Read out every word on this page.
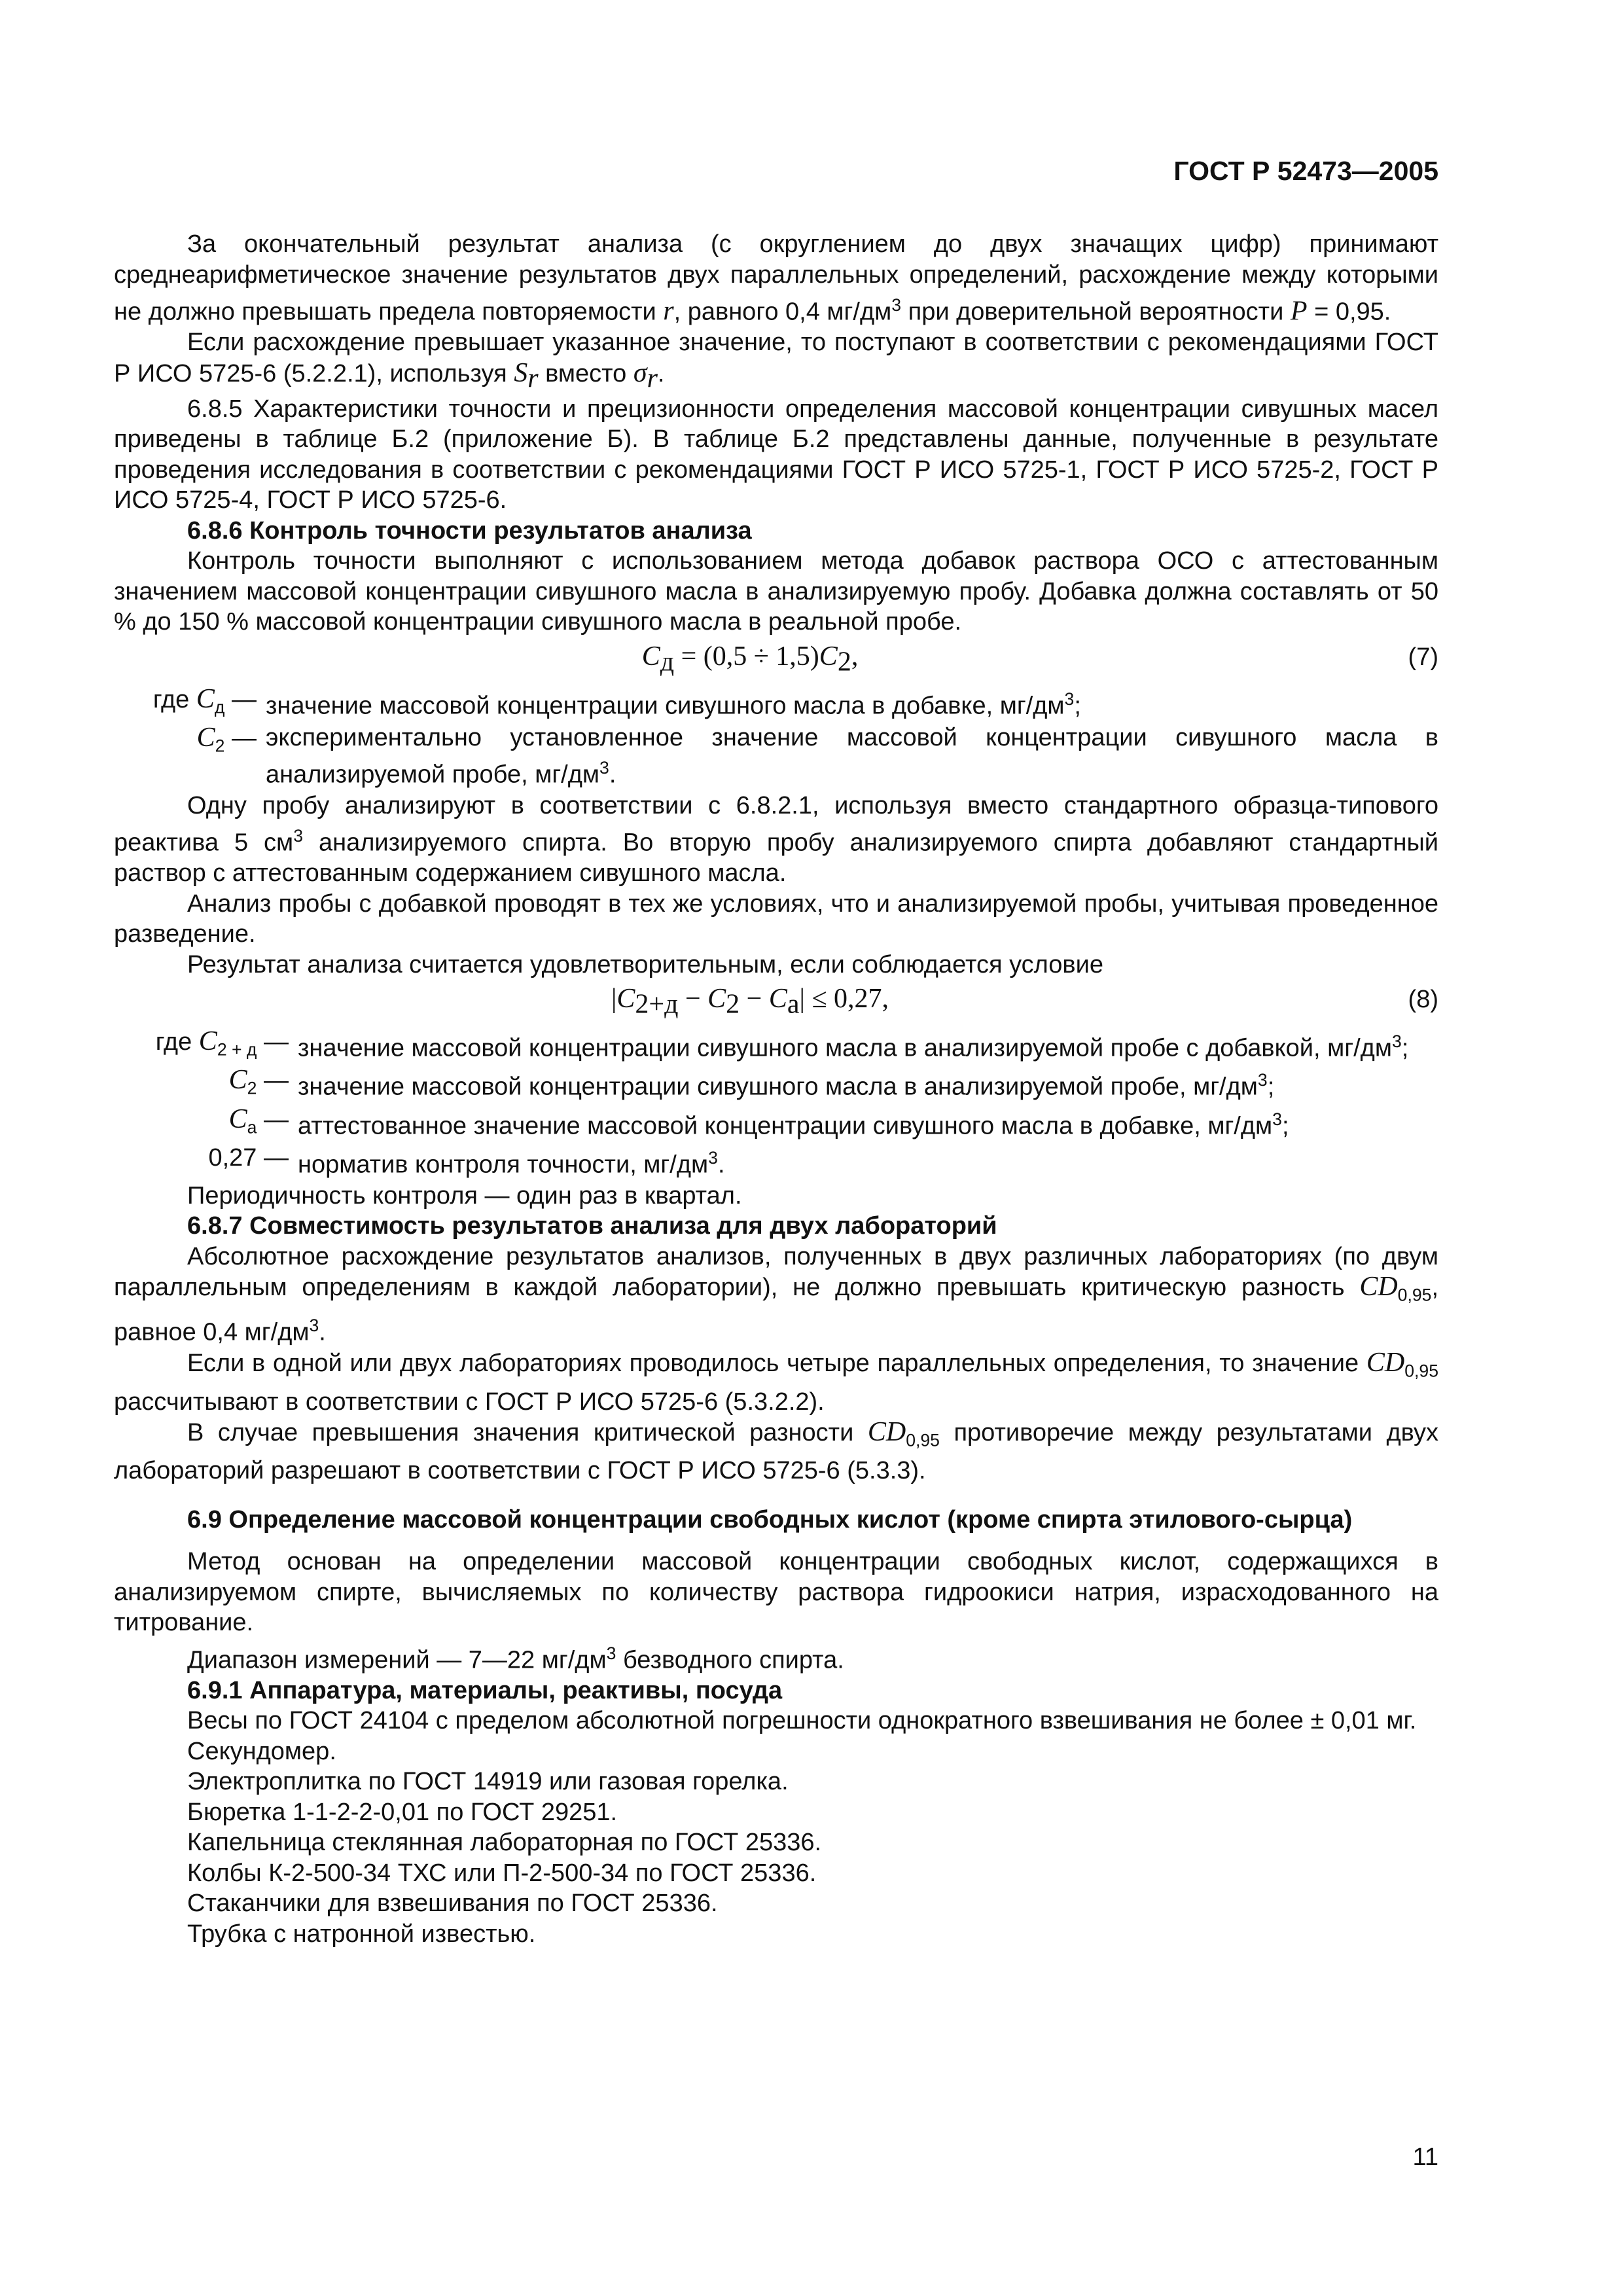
ГОСТ Р 52473—2005

За окончательный результат анализа (с округлением до двух значащих цифр) принимают среднеарифметическое значение результатов двух параллельных определений, расхождение между которыми не должно превышать предела повторяемости r, равного 0,4 $мг/дм^3$ при доверительной вероятности P = 0,95.

Если расхождение превышает указанное значение, то поступают в соответствии с рекомендациями ГОСТ Р ИСО 5725-6 (5.2.2.1), используя $S_r$ вместо $\sigma_r$.

6.8.5 Характеристики точности и прецизионности определения массовой концентрации сивушных масел приведены в таблице Б.2 (приложение Б). В таблице Б.2 представлены данные, полученные в результате проведения исследования в соответствии с рекомендациями ГОСТ Р ИСО 5725-1, ГОСТ Р ИСО 5725-2, ГОСТ Р ИСО 5725-4, ГОСТ Р ИСО 5725-6.

6.8.6 Контроль точности результатов анализа

Контроль точности выполняют с использованием метода добавок раствора ОСО с аттестованным значением массовой концентрации сивушного масла в анализируемую пробу. Добавка должна составлять от 50 % до 150 % массовой концентрации сивушного масла в реальной пробе.

$C_д = (0,5 \div 1,5)C_2$,	(7)
где $C_д$ — значение массовой концентрации сивушного масла в добавке, $мг/дм^3$;
$C_2$ — экспериментально установленное значение массовой концентрации сивушного масла в анализируемой пробе, $мг/дм^3$.

Одну пробу анализируют в соответствии с 6.8.2.1, используя вместо стандартного образца-типового реактива 5 $см^3$ анализируемого спирта. Во вторую пробу анализируемого спирта добавляют стандартный раствор с аттестованным содержанием сивушного масла.

Анализ пробы с добавкой проводят в тех же условиях, что и анализируемой пробы, учитывая проведенное разведение.

Результат анализа считается удовлетворительным, если соблюдается условие

$|C_{2+д} - C_2 - C_а| \le 0,27$,	(8)
где $C_{2 + д}$ — значение массовой концентрации сивушного масла в анализируемой пробе с добавкой, $мг/дм^3$;
$C_2$ — значение массовой концентрации сивушного масла в анализируемой пробе, $мг/дм^3$;
$C_а$ — аттестованное значение массовой концентрации сивушного масла в добавке, $мг/дм^3$;
0,27 — норматив контроля точности, $мг/дм^3$.

Периодичность контроля — один раз в квартал.

6.8.7 Совместимость результатов анализа для двух лабораторий

Абсолютное расхождение результатов анализов, полученных в двух различных лабораториях (по двум параллельным определениям в каждой лаборатории), не должно превышать критическую разность $CD_{0,95}$, равное 0,4 $мг/дм^3$.

Если в одной или двух лабораториях проводилось четыре параллельных определения, то значение $CD_{0,95}$ рассчитывают в соответствии с ГОСТ Р ИСО 5725-6 (5.3.2.2).

В случае превышения значения критической разности $CD_{0,95}$ противоречие между результатами двух лабораторий разрешают в соответствии с ГОСТ Р ИСО 5725-6 (5.3.3).

6.9 Определение массовой концентрации свободных кислот (кроме спирта этилового-сырца)

Метод основан на определении массовой концентрации свободных кислот, содержащихся в анализируемом спирте, вычисляемых по количеству раствора гидроокиси натрия, израсходованного на титрование.

Диапазон измерений — 7—22 $мг/дм^3$ безводного спирта.

6.9.1 Аппаратура, материалы, реактивы, посуда

Весы по ГОСТ 24104 с пределом абсолютной погрешности однократного взвешивания не более ± 0,01 мг.

Секундомер.

Электроплитка по ГОСТ 14919 или газовая горелка.

Бюретка 1-1-2-2-0,01 по ГОСТ 29251.

Капельница стеклянная лабораторная по ГОСТ 25336.

Колбы К-2-500-34 ТХС или П-2-500-34 по ГОСТ 25336.

Стаканчики для взвешивания по ГОСТ 25336.

Трубка с натронной известью.

11
